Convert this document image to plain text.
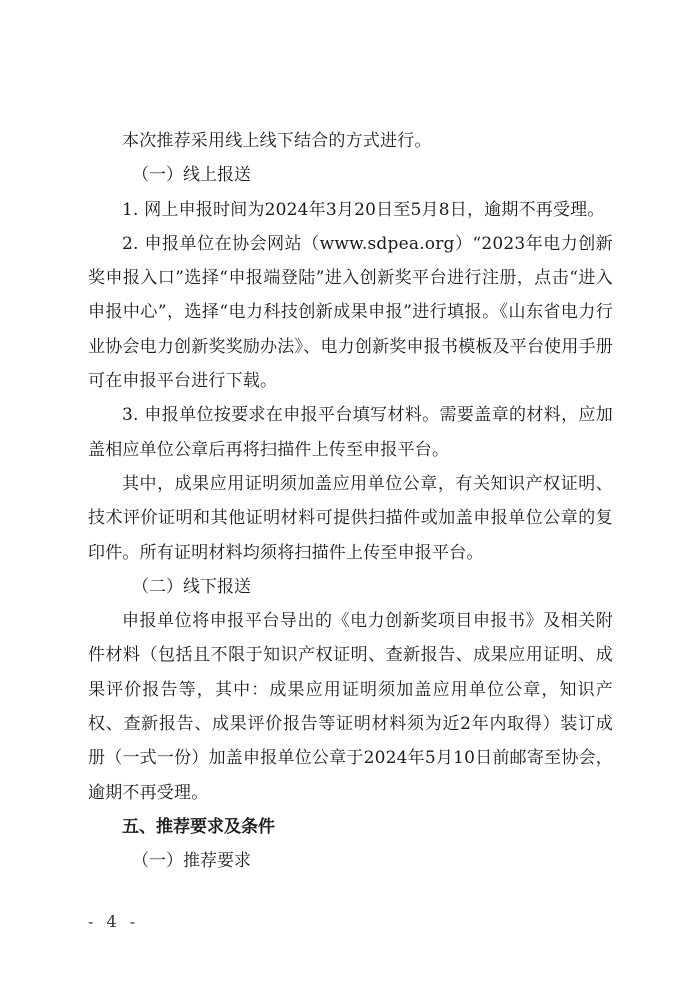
本次推荐采用线上线下结合的方式进行。

（一）线上报送

1. 网上申报时间为2024年3月20日至5月8日，逾期不再受理。

2. 申报单位在协会网站（www.sdpea.org）“2023年电力创新奖申报入口”选择“申报端登陆”进入创新奖平台进行注册，点击“进入申报中心”，选择“电力科技创新成果申报”进行填报。《山东省电力行业协会电力创新奖奖励办法》、电力创新奖申报书模板及平台使用手册可在申报平台进行下载。

3. 申报单位按要求在申报平台填写材料。需要盖章的材料，应加盖相应单位公章后再将扫描件上传至申报平台。

其中，成果应用证明须加盖应用单位公章，有关知识产权证明、技术评价证明和其他证明材料可提供扫描件或加盖申报单位公章的复印件。所有证明材料均须将扫描件上传至申报平台。

（二）线下报送

申报单位将申报平台导出的《电力创新奖项目申报书》及相关附件材料（包括且不限于知识产权证明、查新报告、成果应用证明、成果评价报告等，其中：成果应用证明须加盖应用单位公章，知识产权、查新报告、成果评价报告等证明材料须为近2年内取得）装订成册（一式一份）加盖申报单位公章于2024年5月10日前邮寄至协会，逾期不再受理。

五、推荐要求及条件

（一）推荐要求

- 4 -
